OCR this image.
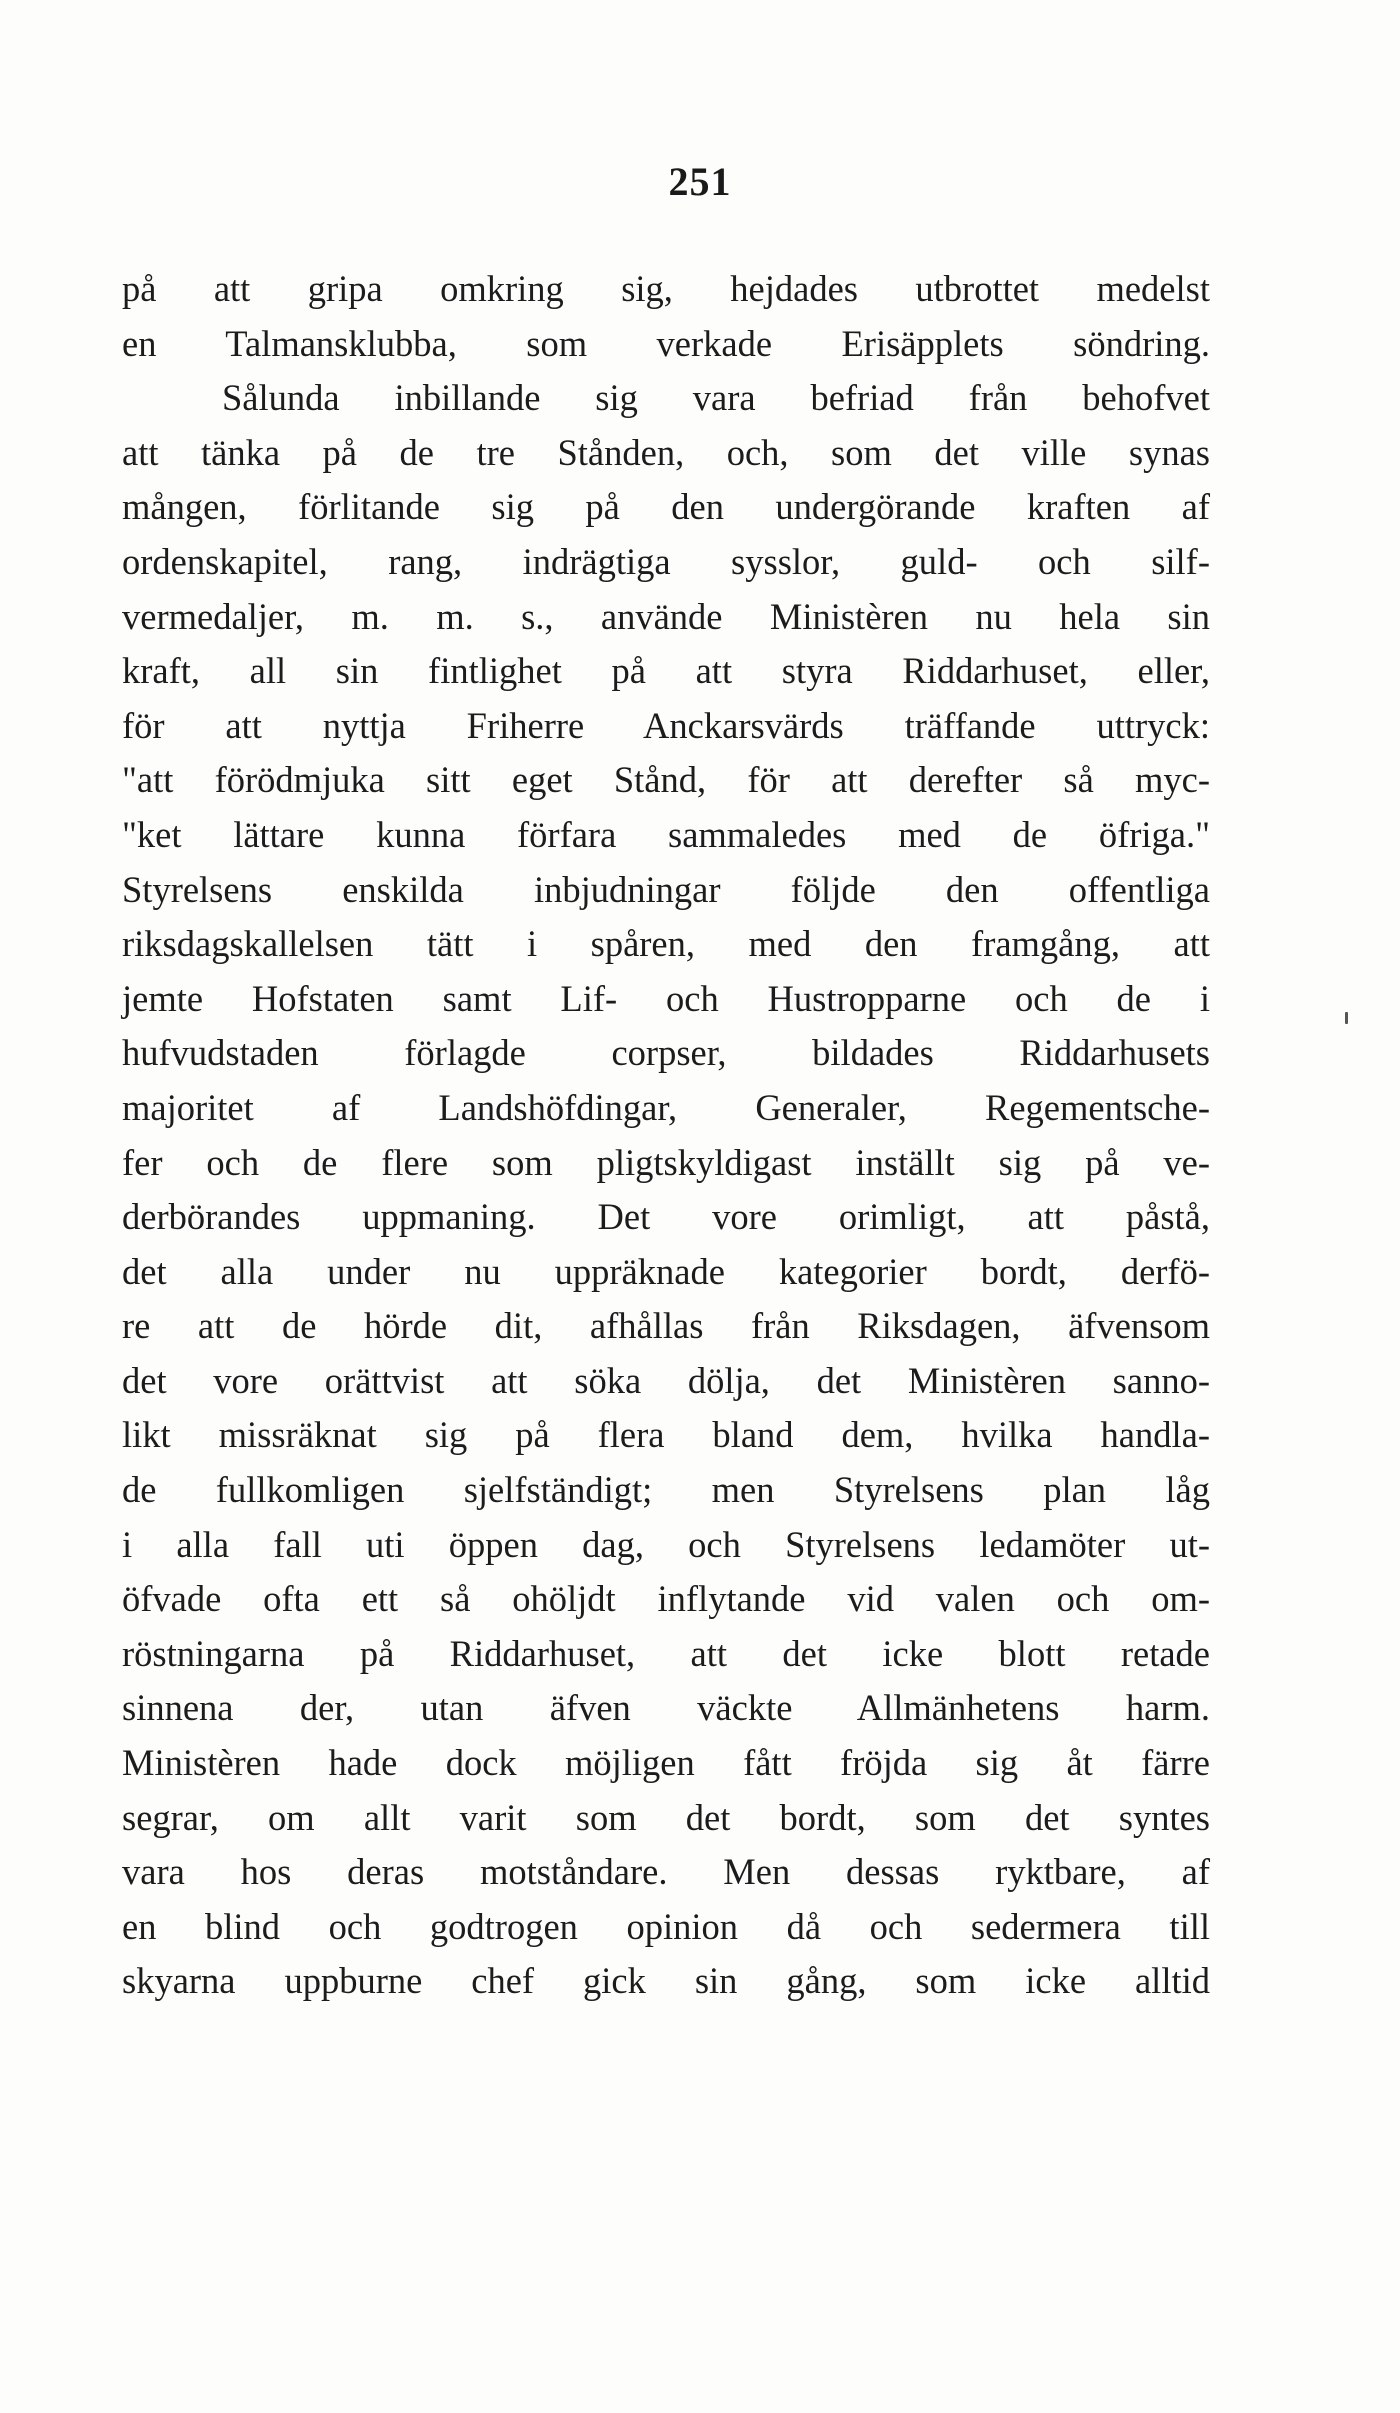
251
på att gripa omkring sig, hejdades utbrottet medelst
en Talmansklubba, som verkade Erisäpplets söndring.
Sålunda inbillande sig vara befriad från behofvet
att tänka på de tre Stånden, och, som det ville synas
mången, förlitande sig på den undergörande kraften af
ordenskapitel, rang, indrägtiga sysslor, guld- och silf-
vermedaljer, m. m. s., använde Ministèren nu hela sin
kraft, all sin fintlighet på att styra Riddarhuset, eller,
för att nyttja Friherre Anckarsvärds träffande uttryck:
"att förödmjuka sitt eget Stånd, för att derefter så myc-
"ket lättare kunna förfara sammaledes med de öfriga."
Styrelsens enskilda inbjudningar följde den offentliga
riksdagskallelsen tätt i spåren, med den framgång, att
jemte Hofstaten samt Lif- och Hustropparne och de i
hufvudstaden förlagde corpser, bildades Riddarhusets
majoritet af Landshöfdingar, Generaler, Regementsche-
fer och de flere som pligtskyldigast inställt sig på ve-
derbörandes uppmaning. Det vore orimligt, att påstå,
det alla under nu uppräknade kategorier bordt, derfö-
re att de hörde dit, afhållas från Riksdagen, äfvensom
det vore orättvist att söka dölja, det Ministèren sanno-
likt missräknat sig på flera bland dem, hvilka handla-
de fullkomligen sjelfständigt; men Styrelsens plan låg
i alla fall uti öppen dag, och Styrelsens ledamöter ut-
öfvade ofta ett så ohöljdt inflytande vid valen och om-
röstningarna på Riddarhuset, att det icke blott retade
sinnena der, utan äfven väckte Allmänhetens harm.
Ministèren hade dock möjligen fått fröjda sig åt färre
segrar, om allt varit som det bordt, som det syntes
vara hos deras motståndare. Men dessas ryktbare, af
en blind och godtrogen opinion då och sedermera till
skyarna uppburne chef gick sin gång, som icke alltid
